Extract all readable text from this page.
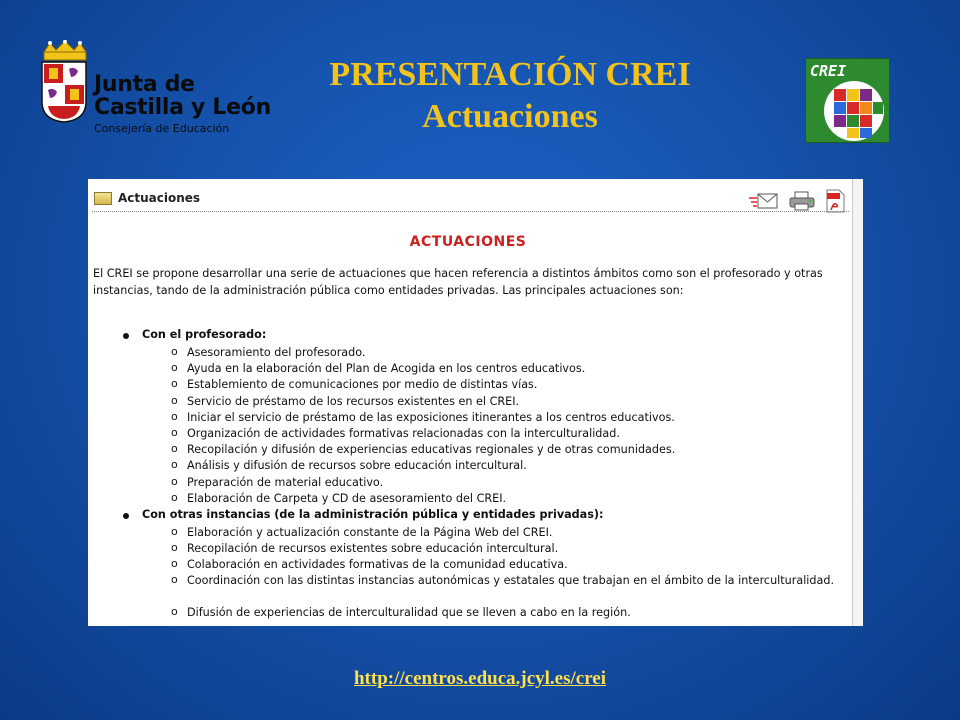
Junta de
Castilla y León
Consejería de Educación
PRESENTACIÓN CREI
Actuaciones
CREI
Actuaciones
ACTUACIONES
El CREI se propone desarrollar una serie de actuaciones que hacen referencia a distintos ámbitos como son el profesorado y otras instancias, tando de la administración pública como entidades privadas. Las principales actuaciones son:
Con el profesorado:
o Asesoramiento del profesorado.
o Ayuda en la elaboración del Plan de Acogida en los centros educativos.
o Establemiento de comunicaciones por medio de distintas vías.
o Servicio de préstamo de los recursos existentes en el CREI.
o Iniciar el servicio de préstamo de las exposiciones itinerantes a los centros educativos.
o Organización de actividades formativas relacionadas con la interculturalidad.
o Recopilación y difusión de experiencias educativas regionales y de otras comunidades.
o Análisis y difusión de recursos sobre educación intercultural.
o Preparación de material educativo.
o Elaboración de Carpeta y CD de asesoramiento del CREI.
Con otras instancias (de la administración pública y entidades privadas):
o Elaboración y actualización constante de la Página Web del CREI.
o Recopilación de recursos existentes sobre educación intercultural.
o Colaboración en actividades formativas de la comunidad educativa.
o Coordinación con las distintas instancias autonómicas y estatales que trabajan en el ámbito de la interculturalidad.
o Difusión de experiencias de interculturalidad que se lleven a cabo en la región.
http://centros.educa.jcyl.es/crei
